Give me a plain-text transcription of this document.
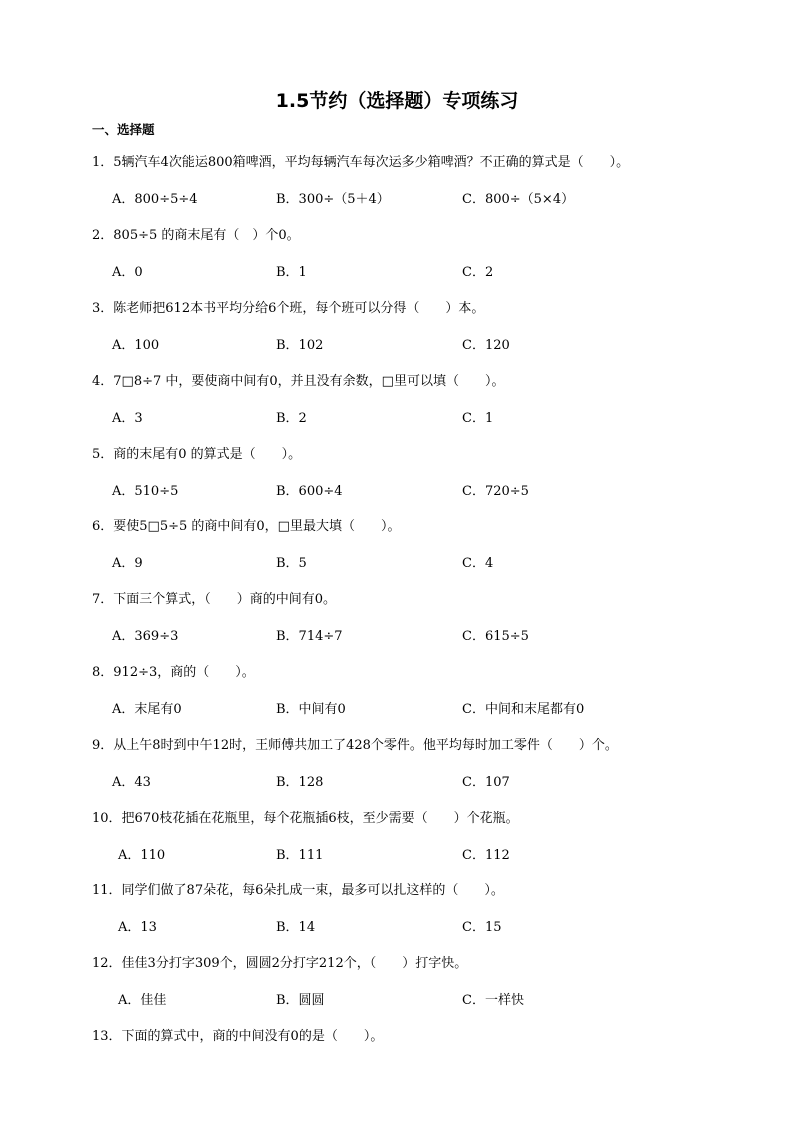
1.5节约（选择题）专项练习
一、选择题
1．5辆汽车4次能运800箱啤酒，平均每辆汽车每次运多少箱啤酒？不正确的算式是（　　）。
A．800÷5÷4	B．300÷（5＋4）	C．800÷（5×4）
2．805÷5 的商末尾有（　）个0。
A．0	B．1	C．2
3．陈老师把612本书平均分给6个班，每个班可以分得（　　）本。
A．100	B．102	C．120
4．7□8÷7 中，要使商中间有0，并且没有余数，□里可以填（　　）。
A．3	B．2	C．1
5．商的末尾有0 的算式是（　　）。
A．510÷5	B．600÷4	C．720÷5
6．要使5□5÷5 的商中间有0，□里最大填（　　）。
A．9	B．5	C．4
7．下面三个算式，（　　）商的中间有0。
A．369÷3	B．714÷7	C．615÷5
8．912÷3，商的（　　）。
A．末尾有0	B．中间有0	C．中间和末尾都有0
9．从上午8时到中午12时，王师傅共加工了428个零件。他平均每时加工零件（　　）个。
A．43	B．128	C．107
10．把670枝花插在花瓶里，每个花瓶插6枝，至少需要（　　）个花瓶。
A．110	B．111	C．112
11．同学们做了87朵花，每6朵扎成一束，最多可以扎这样的（　　）。
A．13	B．14	C．15
12．佳佳3分打字309个，圆圆2分打字212个，（　　）打字快。
A．佳佳	B．圆圆	C．一样快
13．下面的算式中，商的中间没有0的是（　　）。
